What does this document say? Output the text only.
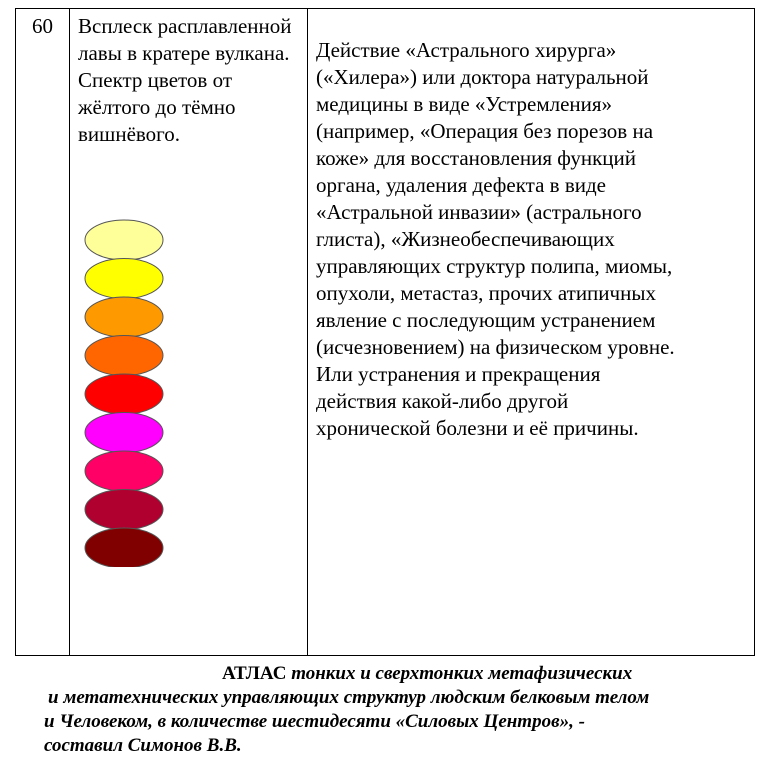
60 Всплеск расплавленной лавы в кратере вулкана. Спектр цветов от жёлтого до тёмно вишнёвого.
Действие «Астрального хирурга» («Хилера») или доктора натуральной медицины в виде «Устремления» (например, «Операция без порезов на коже» для восстановления функций органа, удаления дефекта в виде «Астральной инвазии» (астрального глиста), «Жизнеобеспечивающих управляющих структур полипа, миомы, опухоли, метастаз, прочих атипичных явление с последующим устранением (исчезновением) на физическом уровне. Или устранения и прекращения действия какой-либо другой хронической болезни и её причины.
АТЛАС тонких и сверхтонких метафизических
и метатехнических управляющих структур людским белковым телом
и Человеком, в количестве шестидесяти «Силовых Центров», -
составил Симонов В.В.
